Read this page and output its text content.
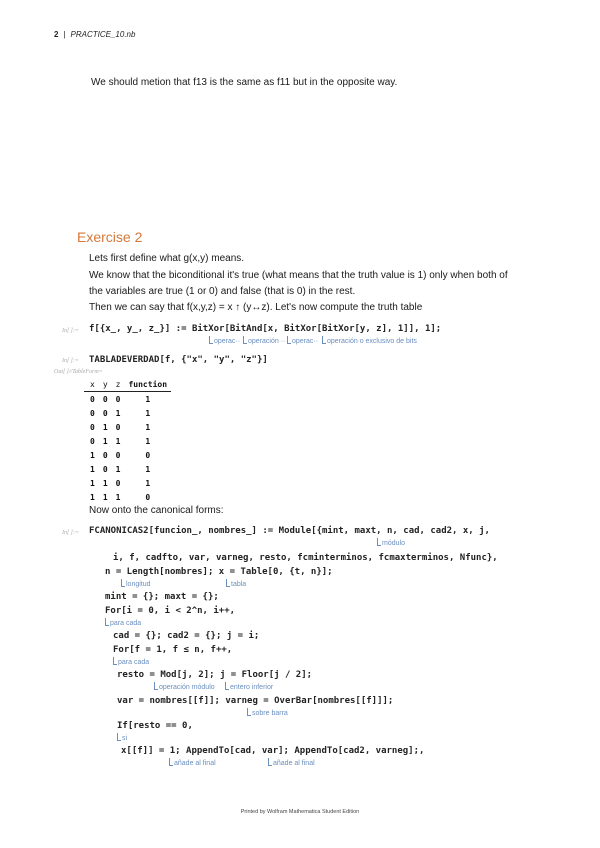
2 | PRACTICE_10.nb
We should metion that f13 is the same as f11 but in the opposite way.
Exercise 2
Lets first define what g(x,y) means.
We know that the biconditional it's true (what means that the truth value is 1) only when both of
the variables are true (1 or 0) and false (that is 0) in the rest.
Then we can say that f(x,y,z) = x ↑ (y↔z). Let's now compute the truth table
In[ ]:= f[{x_, y_, z_}] := BitXor[BitAnd[x, BitXor[BitXor[y, z], 1]], 1];
operac··	operación ·· operac··	operación o exclusivo de bits
In[ ]:= TABLADEVERDAD[f, {"x", "y", "z"}]
Out[ ]//TableForm=
x	y	z	function
0	0	0	1
0	0	1	1
0	1	0	1
0	1	1	1
1	0	0	0
1	0	1	1
1	1	0	1
1	1	1	0
Now onto the canonical forms:
In[ ]:= FCANONICAS2[funcion_, nombres_] := Module[{mint, maxt, n, cad, cad2, x, j,
módulo
i, f, cadfto, var, varneg, resto, fcminterminos, fcmaxterminos, Nfunc},
n = Length[nombres]; x = Table[0, {t, n}];
longitud	tabla
mint = {}; maxt = {};
For[i = 0, i < 2^n, i++,
para cada
cad = {}; cad2 = {}; j = i;
For[f = 1, f ≤ n, f++,
para cada
resto = Mod[j, 2]; j = Floor[j / 2];
operación módulo	entero inferior
var = nombres[[f]]; varneg = OverBar[nombres[[f]]];
sobre barra
If[resto == 0,
si
x[[f]] = 1; AppendTo[cad, var]; AppendTo[cad2, varneg];,
añade al final	añade al final
Printed by Wolfram Mathematica Student Edition
